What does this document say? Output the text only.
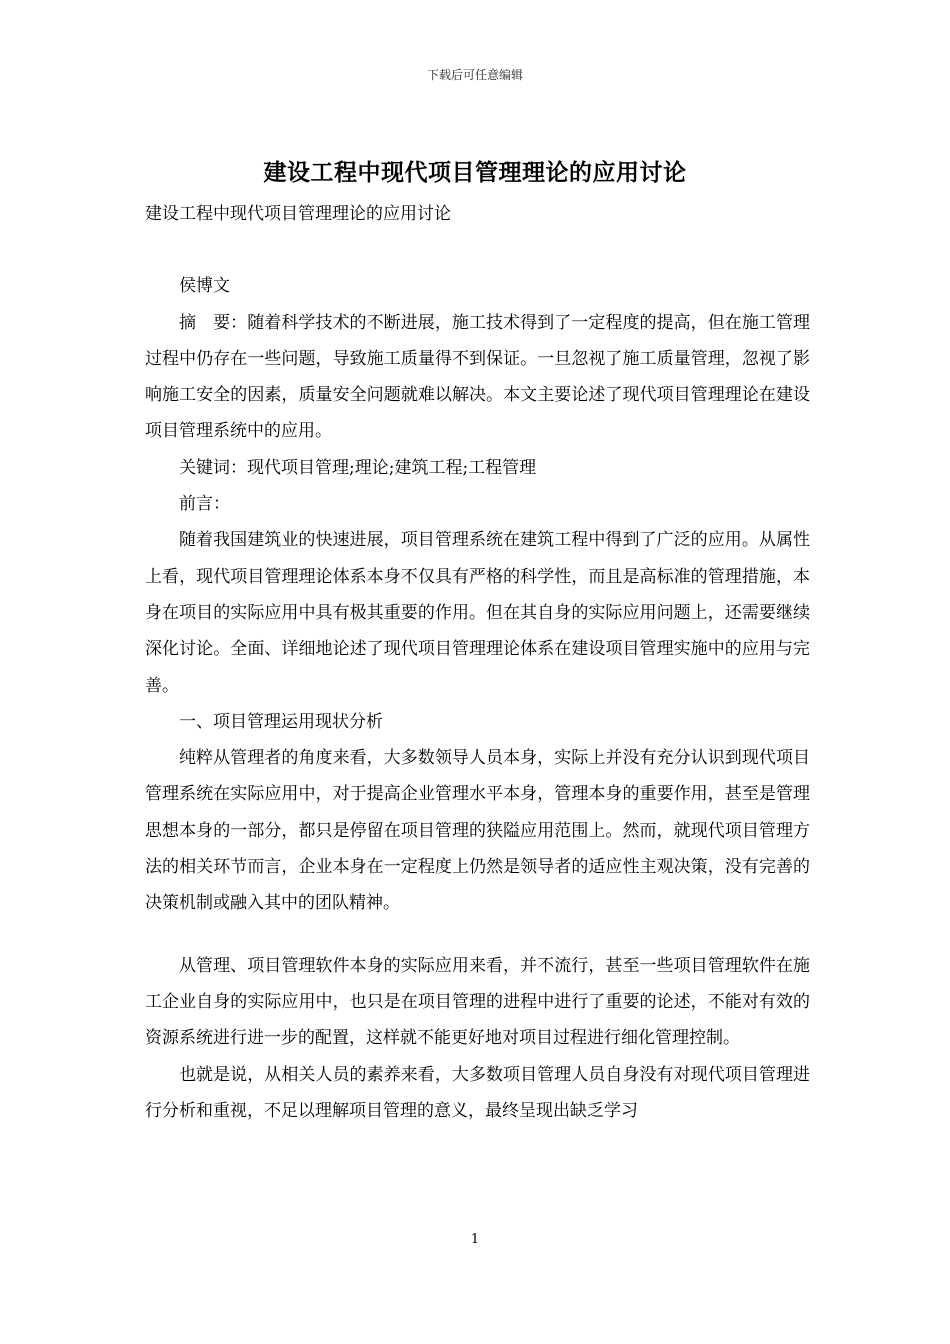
下载后可任意编辑
建设工程中现代项目管理理论的应用讨论

建设工程中现代项目管理理论的应用讨论

侯博文

摘　要：随着科学技术的不断进展，施工技术得到了一定程度的提高，但在施工管理过程中仍存在一些问题，导致施工质量得不到保证。一旦忽视了施工质量管理，忽视了影响施工安全的因素，质量安全问题就难以解决。本文主要论述了现代项目管理理论在建设项目管理系统中的应用。

关键词：现代项目管理;理论;建筑工程;工程管理

前言：

随着我国建筑业的快速进展，项目管理系统在建筑工程中得到了广泛的应用。从属性上看，现代项目管理理论体系本身不仅具有严格的科学性，而且是高标准的管理措施，本身在项目的实际应用中具有极其重要的作用。但在其自身的实际应用问题上，还需要继续深化讨论。全面、详细地论述了现代项目管理理论体系在建设项目管理实施中的应用与完善。

一、项目管理运用现状分析

纯粹从管理者的角度来看，大多数领导人员本身，实际上并没有充分认识到现代项目管理系统在实际应用中，对于提高企业管理水平本身，管理本身的重要作用，甚至是管理思想本身的一部分，都只是停留在项目管理的狭隘应用范围上。然而，就现代项目管理方法的相关环节而言，企业本身在一定程度上仍然是领导者的适应性主观决策，没有完善的决策机制或融入其中的团队精神。

从管理、项目管理软件本身的实际应用来看，并不流行，甚至一些项目管理软件在施工企业自身的实际应用中，也只是在项目管理的进程中进行了重要的论述，不能对有效的资源系统进行进一步的配置，这样就不能更好地对项目过程进行细化管理控制。

也就是说，从相关人员的素养来看，大多数项目管理人员自身没有对现代项目管理进行分析和重视，不足以理解项目管理的意义，最终呈现出缺乏学习

1
